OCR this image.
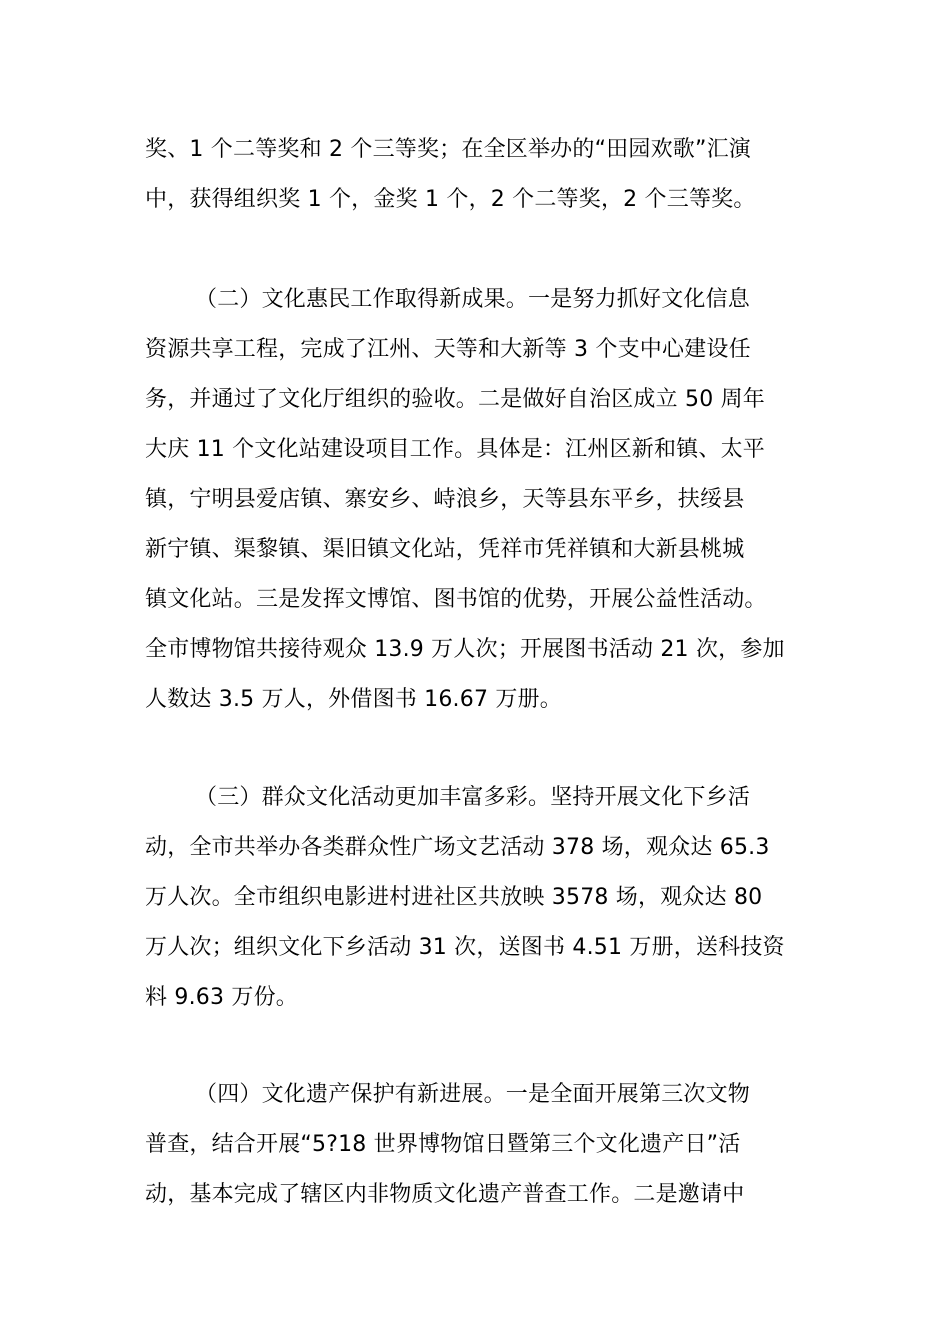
奖、1 个二等奖和 2 个三等奖；在全区举办的“田园欢歌”汇演
中，获得组织奖 1 个，金奖 1 个，2 个二等奖，2 个三等奖。
（二）文化惠民工作取得新成果。一是努力抓好文化信息
资源共享工程，完成了江州、天等和大新等 3 个支中心建设任
务，并通过了文化厅组织的验收。二是做好自治区成立 50 周年
大庆 11 个文化站建设项目工作。具体是：江州区新和镇、太平
镇，宁明县爱店镇、寨安乡、峙浪乡，天等县东平乡，扶绥县
新宁镇、渠黎镇、渠旧镇文化站，凭祥市凭祥镇和大新县桃城
镇文化站。三是发挥文博馆、图书馆的优势，开展公益性活动。
全市博物馆共接待观众 13.9 万人次；开展图书活动 21 次，参加
人数达 3.5 万人，外借图书 16.67 万册。
（三）群众文化活动更加丰富多彩。坚持开展文化下乡活
动，全市共举办各类群众性广场文艺活动 378 场，观众达 65.3
万人次。全市组织电影进村进社区共放映 3578 场，观众达 80
万人次；组织文化下乡活动 31 次，送图书 4.51 万册，送科技资
料 9.63 万份。
（四）文化遗产保护有新进展。一是全面开展第三次文物
普查，结合开展“5?18 世界博物馆日暨第三个文化遗产日”活
动，基本完成了辖区内非物质文化遗产普查工作。二是邀请中
